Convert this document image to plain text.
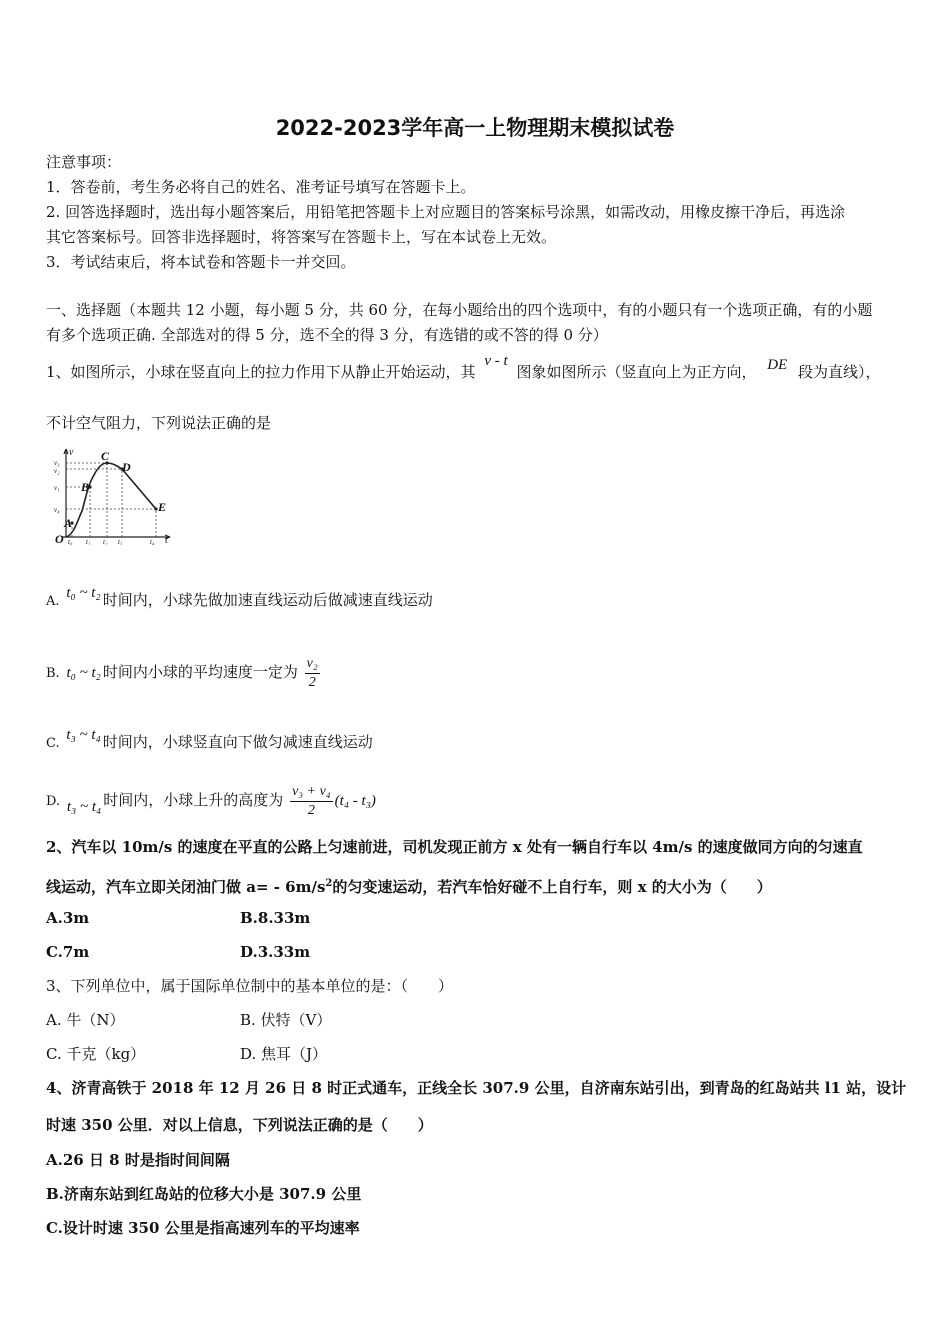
2022-2023学年高一上物理期末模拟试卷
注意事项：
1．答卷前，考生务必将自己的姓名、准考证号填写在答题卡上。
2. 回答选择题时，选出每小题答案后，用铅笔把答题卡上对应题目的答案标号涂黑，如需改动，用橡皮擦干净后，再选涂
其它答案标号。回答非选择题时，将答案写在答题卡上，写在本试卷上无效。
3．考试结束后，将本试卷和答题卡一并交回。
一、选择题（本题共 12 小题，每小题 5 分，共 60 分，在每小题给出的四个选项中，有的小题只有一个选项正确，有的小题
有多个选项正确. 全部选对的得 5 分，选不全的得 3 分，有选错的或不答的得 0 分）
1、如图所示，小球在竖直向上的拉力作用下从静止开始运动，其 v - t 图象如图所示（竖直向上为正方向， DE 段为直线），
不计空气阻力，下列说法正确的是
v
t
O
A
B
C
D
E
v₃
v₂
v₁
v₄
t₀ t₁ t₂ t₃	t₄
A. t₀ ~ t₂ 时间内，小球先做加速直线运动后做减速直线运动
B. t₀ ~ t₂ 时间内小球的平均速度一定为 $\frac{\text{v₂}}{2}$
C. t₃ ~ t₄ 时间内，小球竖直向下做匀减速直线运动
D. t₃ ~ t₄ 时间内，小球上升的高度为 $\frac{\text{v₃ + v₄}}{2} (t_4 - t_3)$
2、汽车以 10m/s 的速度在平直的公路上匀速前进，司机发现正前方 x 处有一辆自行车以 4m/s 的速度做同方向的匀速直
线运动，汽车立即关闭油门做 $a= - 6m/s^2$的匀变速运动，若汽车恰好碰不上自行车，则 x 的大小为（　　）
A.3m	B.8.33m
C.7m	D.3.33m
3、下列单位中，属于国际单位制中的基本单位的是：（　　）
A. 牛（N）	B. 伏特（V）
C. 千克（kg）	D. 焦耳（J）
4、济青高铁于 2018 年 12 月 26 日 8 时正式通车，正线全长 307.9 公里，自济南东站引出，到青岛的红岛站共 l1 站，设计
时速 350 公里．对以上信息，下列说法正确的是（　　）
A.26 日 8 时是指时间间隔
B.济南东站到红岛站的位移大小是 307.9 公里
C.设计时速 350 公里是指高速列车的平均速率
